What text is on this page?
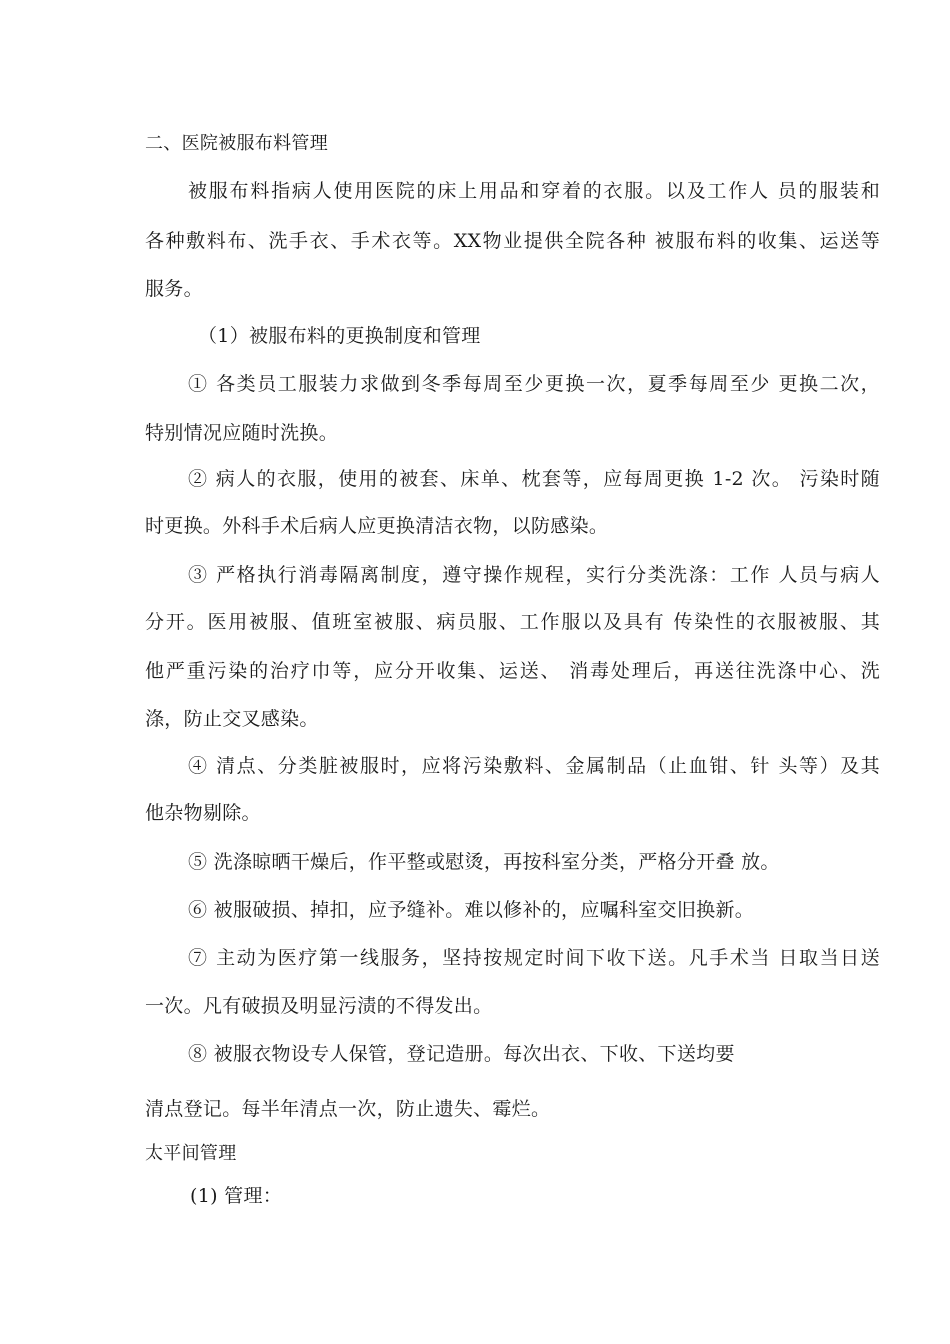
二、医院被服布料管理
被服布料指病人使用医院的床上用品和穿着的衣服。以及工作人 员的服装和
各种敷料布、洗手衣、手术衣等。XX物业提供全院各种 被服布料的收集、运送等
服务。
（1）被服布料的更换制度和管理
① 各类员工服装力求做到冬季每周至少更换一次，夏季每周至少 更换二次，
特别情况应随时洗换。
② 病人的衣服，使用的被套、床单、枕套等，应每周更换 1-2 次。 污染时随
时更换。外科手术后病人应更换清洁衣物，以防感染。
③ 严格执行消毒隔离制度，遵守操作规程，实行分类洗涤：工作 人员与病人
分开。医用被服、值班室被服、病员服、工作服以及具有 传染性的衣服被服、其
他严重污染的治疗巾等，应分开收集、运送、 消毒处理后，再送往洗涤中心、洗
涤，防止交叉感染。
④ 清点、分类脏被服时，应将污染敷料、金属制品（止血钳、针 头等）及其
他杂物剔除。
⑤ 洗涤晾晒干燥后，作平整或慰烫，再按科室分类，严格分开叠 放。
⑥ 被服破损、掉扣，应予缝补。难以修补的，应嘱科室交旧换新。
⑦ 主动为医疗第一线服务，坚持按规定时间下收下送。凡手术当 日取当日送
一次。凡有破损及明显污渍的不得发出。
⑧ 被服衣物设专人保管，登记造册。每次出衣、下收、下送均要
清点登记。每半年清点一次，防止遗失、霉烂。
太平间管理
(1) 管理：
